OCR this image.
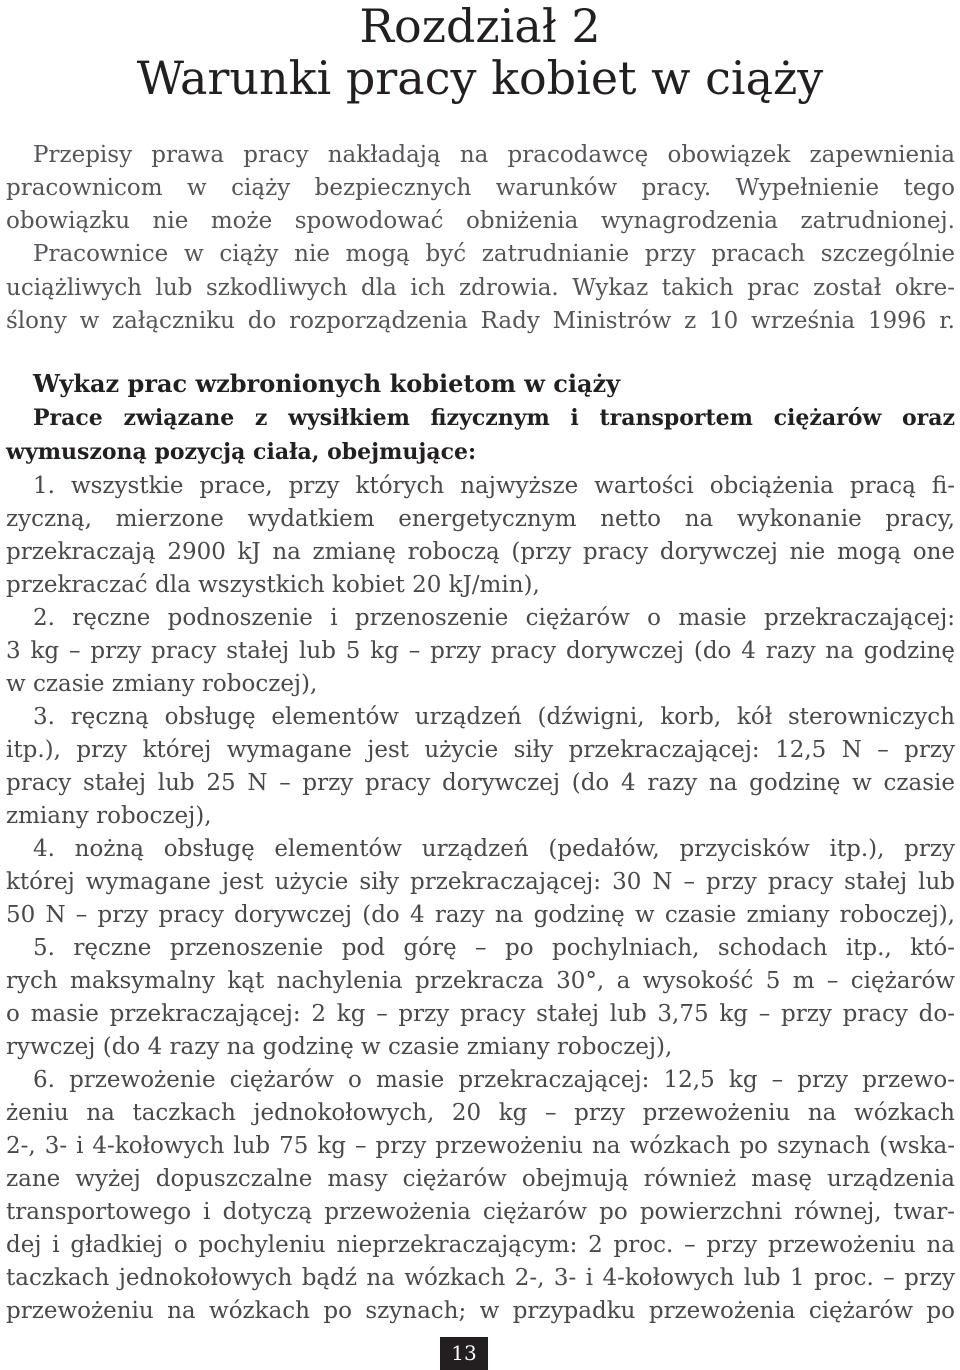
Rozdział 2
Warunki pracy kobiet w ciąży
Przepisy prawa pracy nakładają na pracodawcę obowiązek zapewnienia
pracownicom w ciąży bezpiecznych warunków pracy. Wypełnienie tego
obowiązku nie może spowodować obniżenia wynagrodzenia zatrudnionej.
Pracownice w ciąży nie mogą być zatrudnianie przy pracach szczególnie
uciążliwych lub szkodliwych dla ich zdrowia. Wykaz takich prac został okre-
ślony w załączniku do rozporządzenia Rady Ministrów z 10 września 1996 r.
Wykaz prac wzbronionych kobietom w ciąży
Prace związane z wysiłkiem fizycznym i transportem ciężarów oraz
wymuszoną pozycją ciała, obejmujące:
1. wszystkie prace, przy których najwyższe wartości obciążenia pracą fi-
zyczną, mierzone wydatkiem energetycznym netto na wykonanie pracy,
przekraczają 2900 kJ na zmianę roboczą (przy pracy dorywczej nie mogą one
przekraczać dla wszystkich kobiet 20 kJ/min),
2. ręczne podnoszenie i przenoszenie ciężarów o masie przekraczającej:
3 kg – przy pracy stałej lub 5 kg – przy pracy dorywczej (do 4 razy na godzinę
w czasie zmiany roboczej),
3. ręczną obsługę elementów urządzeń (dźwigni, korb, kół sterowniczych
itp.), przy której wymagane jest użycie siły przekraczającej: 12,5 N – przy
pracy stałej lub 25 N – przy pracy dorywczej (do 4 razy na godzinę w czasie
zmiany roboczej),
4. nożną obsługę elementów urządzeń (pedałów, przycisków itp.), przy
której wymagane jest użycie siły przekraczającej: 30 N – przy pracy stałej lub
50 N – przy pracy dorywczej (do 4 razy na godzinę w czasie zmiany roboczej),
5. ręczne przenoszenie pod górę – po pochylniach, schodach itp., któ-
rych maksymalny kąt nachylenia przekracza 30°, a wysokość 5 m – ciężarów
o masie przekraczającej: 2 kg – przy pracy stałej lub 3,75 kg – przy pracy do-
rywczej (do 4 razy na godzinę w czasie zmiany roboczej),
6. przewożenie ciężarów o masie przekraczającej: 12,5 kg – przy przewo-
żeniu na taczkach jednokołowych, 20 kg – przy przewożeniu na wózkach
2-, 3- i 4-kołowych lub 75 kg – przy przewożeniu na wózkach po szynach (wska-
zane wyżej dopuszczalne masy ciężarów obejmują również masę urządzenia
transportowego i dotyczą przewożenia ciężarów po powierzchni równej, twar-
dej i gładkiej o pochyleniu nieprzekraczającym: 2 proc. – przy przewożeniu na
taczkach jednokołowych bądź na wózkach 2-, 3- i 4-kołowych lub 1 proc. – przy
przewożeniu na wózkach po szynach; w przypadku przewożenia ciężarów po
13
